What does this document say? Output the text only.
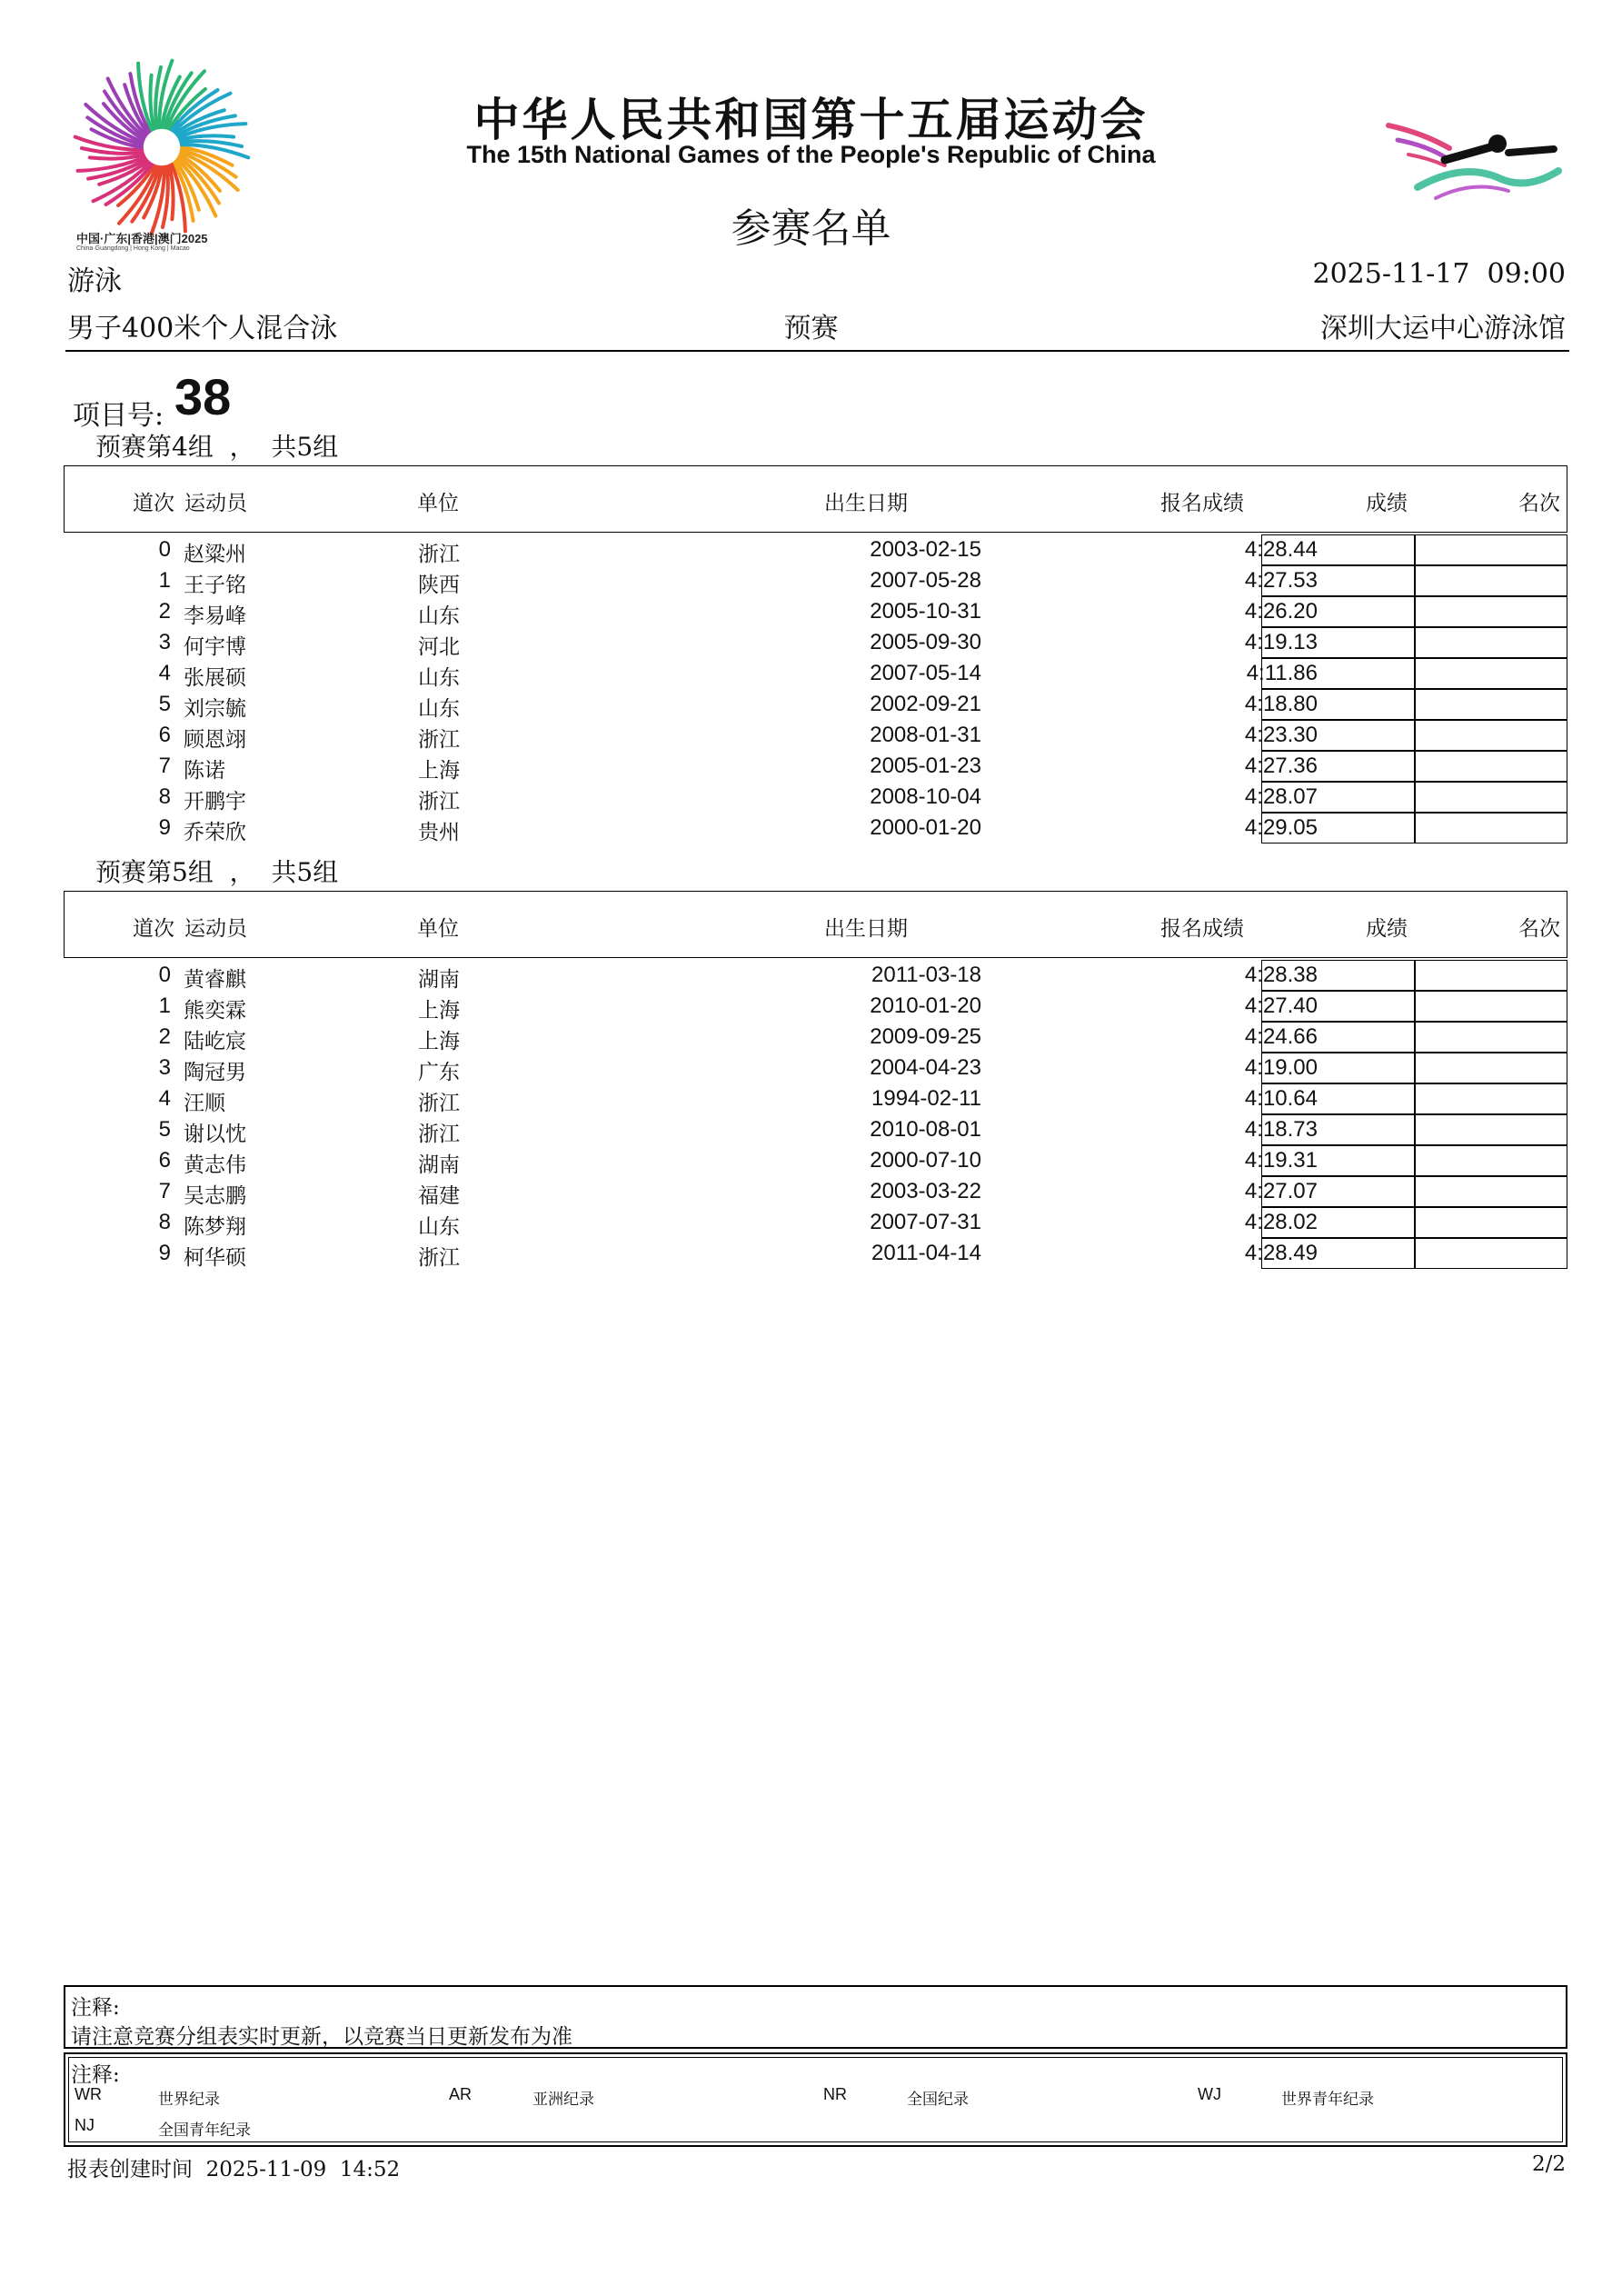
中国·广东|香港|澳门2025
China·Guangdong | Hong Kong | Macao
中华人民共和国第十五届运动会
The 15th National Games of the People's Republic of China
参赛名单
游泳	2025-11-17  09:00
男子400米个人混合泳	预赛	深圳大运中心游泳馆
项目号: 38
预赛第4组  ，  共5组
道次 运动员	单位	出生日期	报名成绩	成绩	名次
0 赵粱州	浙江	2003-02-15	4:28.44
1 王子铭	陕西	2007-05-28	4:27.53
2 李易峰	山东	2005-10-31	4:26.20
3 何宇博	河北	2005-09-30	4:19.13
4 张展硕	山东	2007-05-14	4:11.86
5 刘宗毓	山东	2002-09-21	4:18.80
6 顾恩翊	浙江	2008-01-31	4:23.30
7 陈诺	上海	2005-01-23	4:27.36
8 开鹏宇	浙江	2008-10-04	4:28.07
9 乔荣欣	贵州	2000-01-20	4:29.05
预赛第5组  ，  共5组
道次 运动员	单位	出生日期	报名成绩	成绩	名次
0 黄睿麒	湖南	2011-03-18	4:28.38
1 熊奕霖	上海	2010-01-20	4:27.40
2 陆屹宸	上海	2009-09-25	4:24.66
3 陶冠男	广东	2004-04-23	4:19.00
4 汪顺	浙江	1994-02-11	4:10.64
5 谢以忱	浙江	2010-08-01	4:18.73
6 黄志伟	湖南	2000-07-10	4:19.31
7 吴志鹏	福建	2003-03-22	4:27.07
8 陈梦翔	山东	2007-07-31	4:28.02
9 柯华硕	浙江	2011-04-14	4:28.49
注释:
请注意竞赛分组表实时更新，以竞赛当日更新发布为准
注释:
WR	世界纪录	AR	亚洲纪录	NR	全国纪录	WJ	世界青年纪录
NJ	全国青年纪录
报表创建时间  2025-11-09  14:52	2/2
